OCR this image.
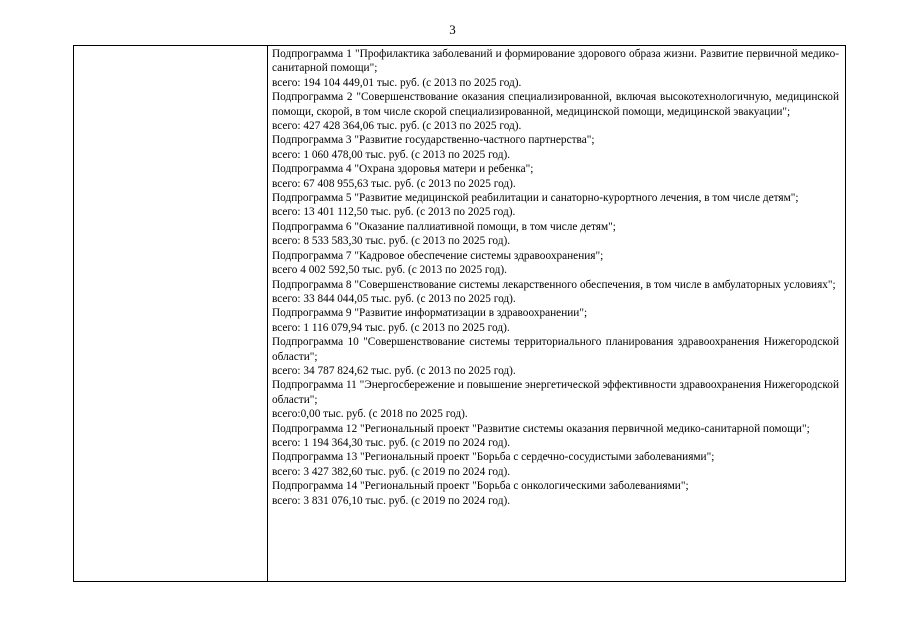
3
Подпрограмма 1 "Профилактика заболеваний и формирование здорового образа жизни. Развитие первичной медико-санитарной помощи";
всего: 194 104 449,01 тыс. руб. (с 2013 по 2025 год).
Подпрограмма 2 "Совершенствование оказания специализированной, включая высокотехнологичную, медицинской помощи, скорой, в том числе скорой специализированной, медицинской помощи, медицинской эвакуации";
всего: 427 428 364,06 тыс. руб. (с 2013 по 2025 год).
Подпрограмма 3 "Развитие государственно-частного партнерства";
всего: 1 060 478,00 тыс. руб. (с 2013 по 2025 год).
Подпрограмма 4 "Охрана здоровья матери и ребенка";
всего: 67 408 955,63 тыс. руб. (с 2013 по 2025 год).
Подпрограмма 5 "Развитие медицинской реабилитации и санаторно-курортного лечения, в том числе детям";
всего: 13 401 112,50 тыс. руб. (с 2013 по 2025 год).
Подпрограмма 6 "Оказание паллиативной помощи, в том числе детям";
всего: 8 533 583,30 тыс. руб. (с 2013 по 2025 год).
Подпрограмма 7 "Кадровое обеспечение системы здравоохранения";
всего 4 002 592,50 тыс. руб. (с 2013 по 2025 год).
Подпрограмма 8 "Совершенствование системы лекарственного обеспечения, в том числе в амбулаторных условиях";
всего: 33 844 044,05 тыс. руб. (с 2013 по 2025 год).
Подпрограмма 9 "Развитие информатизации в здравоохранении";
всего: 1 116 079,94 тыс. руб. (с 2013 по 2025 год).
Подпрограмма 10 "Совершенствование системы территориального планирования здравоохранения Нижегородской области";
всего: 34 787 824,62 тыс. руб. (с 2013 по 2025 год).
Подпрограмма 11 "Энергосбережение и повышение энергетической эффективности здравоохранения Нижегородской области";
всего:0,00 тыс. руб. (с 2018 по 2025 год).
Подпрограмма 12 "Региональный проект "Развитие системы оказания первичной медико-санитарной помощи";
всего: 1 194 364,30 тыс. руб. (с 2019 по 2024 год).
Подпрограмма 13 "Региональный проект "Борьба с сердечно-сосудистыми заболеваниями";
всего: 3 427 382,60 тыс. руб. (с 2019 по 2024 год).
Подпрограмма 14 "Региональный проект "Борьба с онкологическими заболеваниями";
всего: 3 831 076,10 тыс. руб. (с 2019 по 2024 год).
